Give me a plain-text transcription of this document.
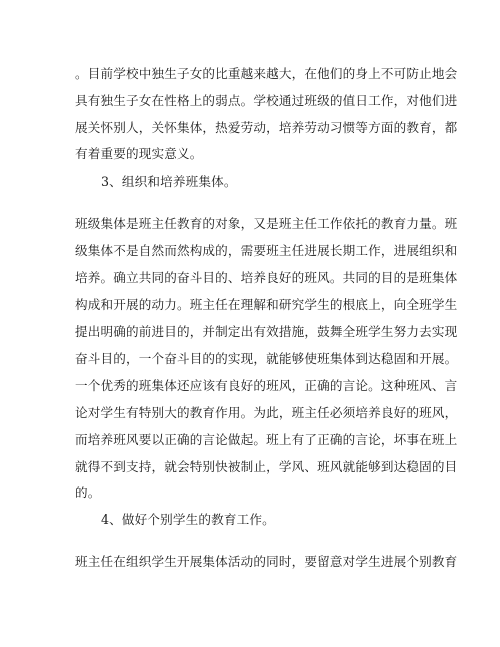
。目前学校中独生子女的比重越来越大，在他们的身上不可防止地会
具有独生子女在性格上的弱点。学校通过班级的值日工作，对他们进
展关怀别人，关怀集体，热爱劳动，培养劳动习惯等方面的教育，都
有着重要的现实意义。
3、组织和培养班集体。
班级集体是班主任教育的对象，又是班主任工作依托的教育力量。班
级集体不是自然而然构成的，需要班主任进展长期工作，进展组织和
培养。确立共同的奋斗目的、培养良好的班风。共同的目的是班集体
构成和开展的动力。班主任在理解和研究学生的根底上，向全班学生
提出明确的前进目的，并制定出有效措施，鼓舞全班学生努力去实现
奋斗目的，一个奋斗目的的实现，就能够使班集体到达稳固和开展。
一个优秀的班集体还应该有良好的班风，正确的言论。这种班风、言
论对学生有特别大的教育作用。为此，班主任必须培养良好的班风，
而培养班风要以正确的言论做起。班上有了正确的言论，坏事在班上
就得不到支持，就会特别快被制止，学风、班风就能够到达稳固的目
的。
4、做好个别学生的教育工作。
班主任在组织学生开展集体活动的同时，要留意对学生进展个别教育
